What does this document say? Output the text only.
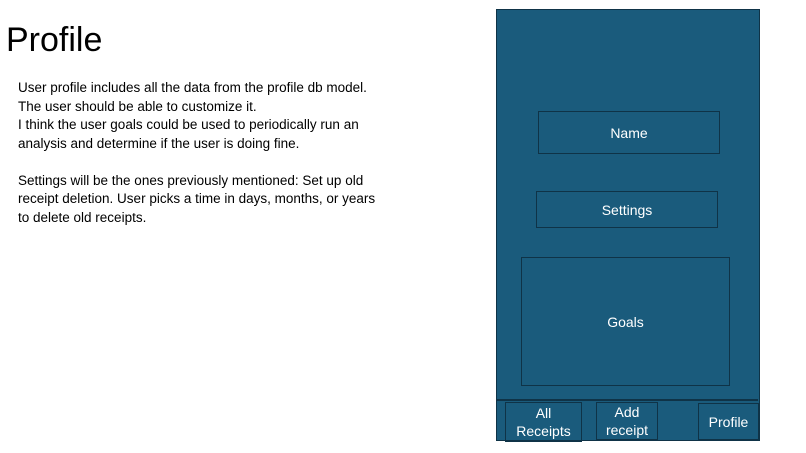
Profile
User profile includes all the data from the profile db model.
The user should be able to customize it.
I think the user goals could be used to periodically run an
analysis and determine if the user is doing fine.
Settings will be the ones previously mentioned: Set up old
receipt deletion. User picks a time in days, months, or years
to delete old receipts.
Name
Settings
Goals
All
Receipts
Add
receipt
Profile
